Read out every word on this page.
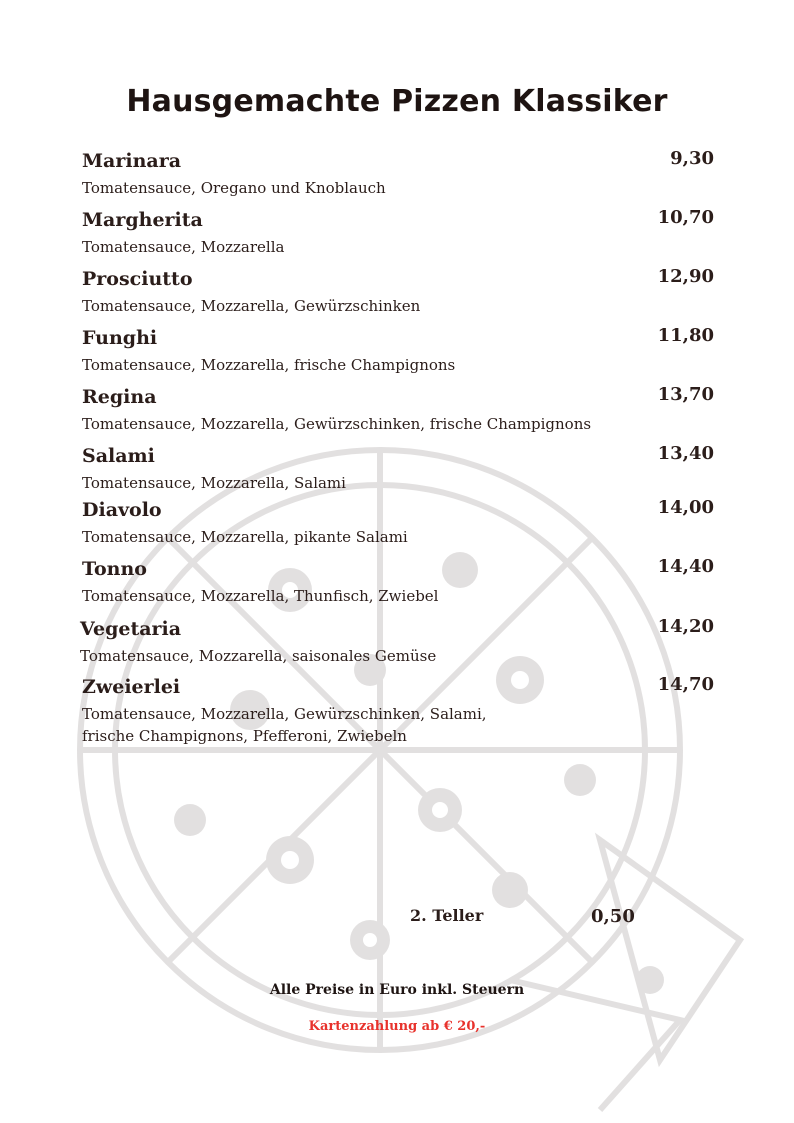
Hausgemachte Pizzen Klassiker
Marinara	9,30
Tomatensauce, Oregano und Knoblauch
Margherita	10,70
Tomatensauce, Mozzarella
Prosciutto	12,90
Tomatensauce, Mozzarella, Gewürzschinken
Funghi	11,80
Tomatensauce, Mozzarella, frische Champignons
Regina	13,70
Tomatensauce, Mozzarella, Gewürzschinken, frische Champignons
Salami	13,40
Tomatensauce, Mozzarella, Salami
Diavolo	14,00
Tomatensauce, Mozzarella, pikante Salami
Tonno	14,40
Tomatensauce, Mozzarella, Thunfisch, Zwiebel
Vegetaria	14,20
Tomatensauce, Mozzarella, saisonales Gemüse
Zweierlei	14,70
Tomatensauce, Mozzarella, Gewürzschinken, Salami,
frische Champignons, Pfefferoni, Zwiebeln
2. Teller	0,50
Alle Preise in Euro inkl. Steuern
Kartenzahlung ab € 20,-
